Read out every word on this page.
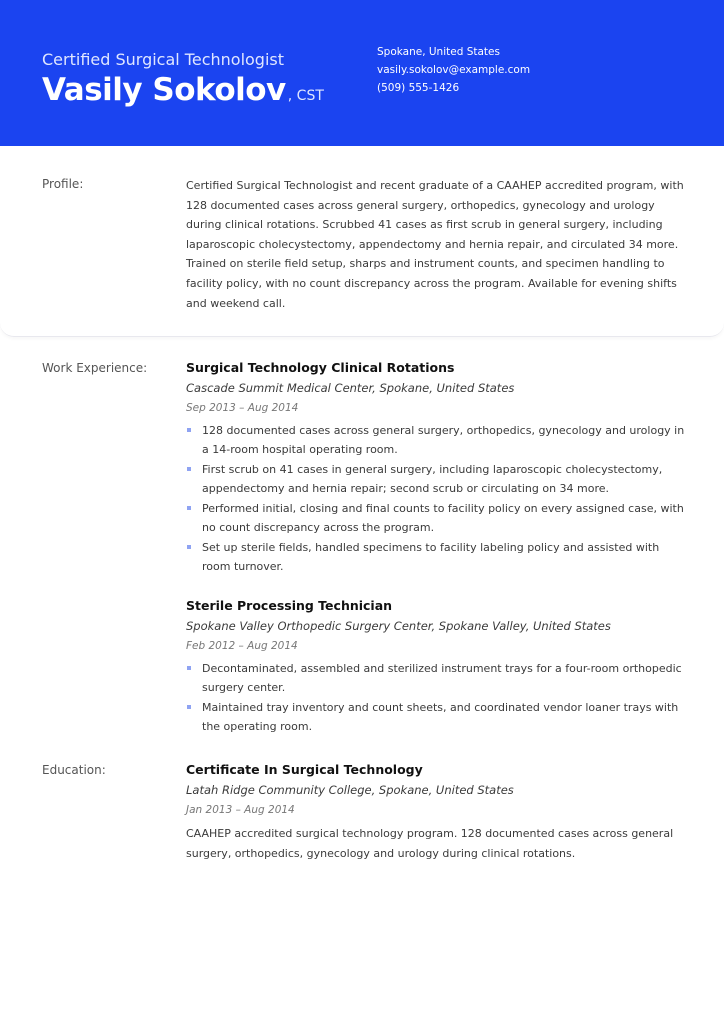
Certified Surgical Technologist
Vasily Sokolov , CST
Spokane, United States
vasily.sokolov@example.com
(509) 555-1426
Profile:	Certified Surgical Technologist and recent graduate of a CAAHEP accredited program, with 128 documented cases across general surgery, orthopedics, gynecology and urology during clinical rotations. Scrubbed 41 cases as first scrub in general surgery, including laparoscopic cholecystectomy, appendectomy and hernia repair, and circulated 34 more. Trained on sterile field setup, sharps and instrument counts, and specimen handling to facility policy, with no count discrepancy across the program. Available for evening shifts and weekend call.

Work Experience:	Surgical Technology Clinical Rotations
Cascade Summit Medical Center, Spokane, United States
Sep 2013 – Aug 2014
128 documented cases across general surgery, orthopedics, gynecology and urology in a 14-room hospital operating room.
First scrub on 41 cases in general surgery, including laparoscopic cholecystectomy, appendectomy and hernia repair; second scrub or circulating on 34 more.
Performed initial, closing and final counts to facility policy on every assigned case, with no count discrepancy across the program.
Set up sterile fields, handled specimens to facility labeling policy and assisted with room turnover.
Sterile Processing Technician
Spokane Valley Orthopedic Surgery Center, Spokane Valley, United States
Feb 2012 – Aug 2014
Decontaminated, assembled and sterilized instrument trays for a four-room orthopedic surgery center.
Maintained tray inventory and count sheets, and coordinated vendor loaner trays with the operating room.
Education:	Certificate In Surgical Technology
Latah Ridge Community College, Spokane, United States
Jan 2013 – Aug 2014

CAAHEP accredited surgical technology program. 128 documented cases across general surgery, orthopedics, gynecology and urology during clinical rotations.
